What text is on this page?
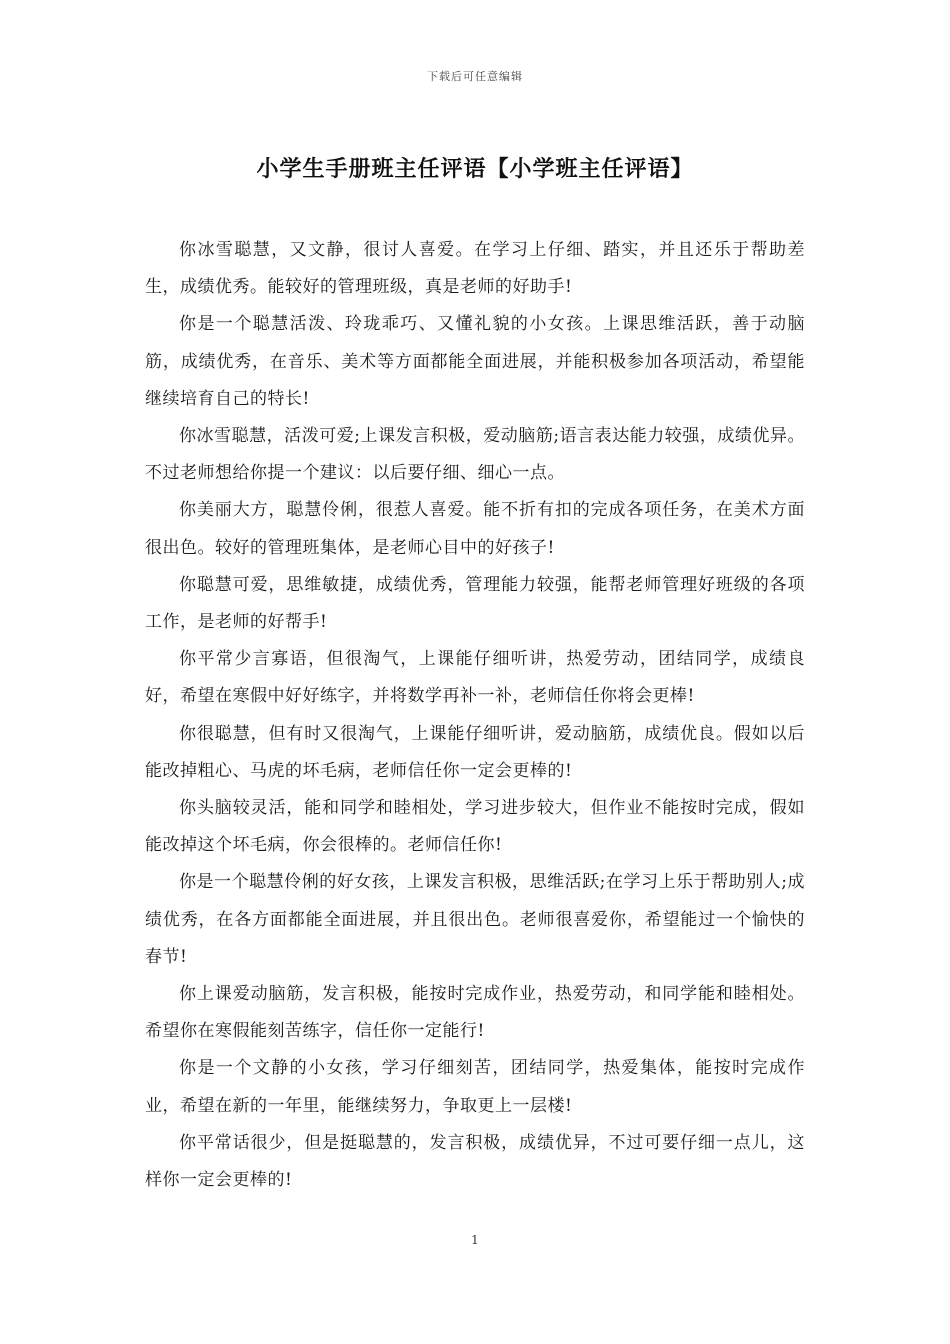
下载后可任意编辑
小学生手册班主任评语【小学班主任评语】

你冰雪聪慧，又文静，很讨人喜爱。在学习上仔细、踏实，并且还乐于帮助差生，成绩优秀。能较好的管理班级，真是老师的好助手!

你是一个聪慧活泼、玲珑乖巧、又懂礼貌的小女孩。上课思维活跃，善于动脑筋，成绩优秀，在音乐、美术等方面都能全面进展，并能积极参加各项活动，希望能继续培育自己的特长!

你冰雪聪慧，活泼可爱;上课发言积极，爱动脑筋;语言表达能力较强，成绩优异。不过老师想给你提一个建议：以后要仔细、细心一点。

你美丽大方，聪慧伶俐，很惹人喜爱。能不折有扣的完成各项任务，在美术方面很出色。较好的管理班集体，是老师心目中的好孩子!

你聪慧可爱，思维敏捷，成绩优秀，管理能力较强，能帮老师管理好班级的各项工作，是老师的好帮手!

你平常少言寡语，但很淘气，上课能仔细听讲，热爱劳动，团结同学，成绩良好，希望在寒假中好好练字，并将数学再补一补，老师信任你将会更棒!

你很聪慧，但有时又很淘气，上课能仔细听讲，爱动脑筋，成绩优良。假如以后能改掉粗心、马虎的坏毛病，老师信任你一定会更棒的!

你头脑较灵活，能和同学和睦相处，学习进步较大，但作业不能按时完成，假如能改掉这个坏毛病，你会很棒的。老师信任你!

你是一个聪慧伶俐的好女孩，上课发言积极，思维活跃;在学习上乐于帮助别人;成绩优秀，在各方面都能全面进展，并且很出色。老师很喜爱你，希望能过一个愉快的春节!

你上课爱动脑筋，发言积极，能按时完成作业，热爱劳动，和同学能和睦相处。希望你在寒假能刻苦练字，信任你一定能行!

你是一个文静的小女孩，学习仔细刻苦，团结同学，热爱集体，能按时完成作业，希望在新的一年里，能继续努力，争取更上一层楼!

你平常话很少，但是挺聪慧的，发言积极，成绩优异，不过可要仔细一点儿，这样你一定会更棒的!

1
